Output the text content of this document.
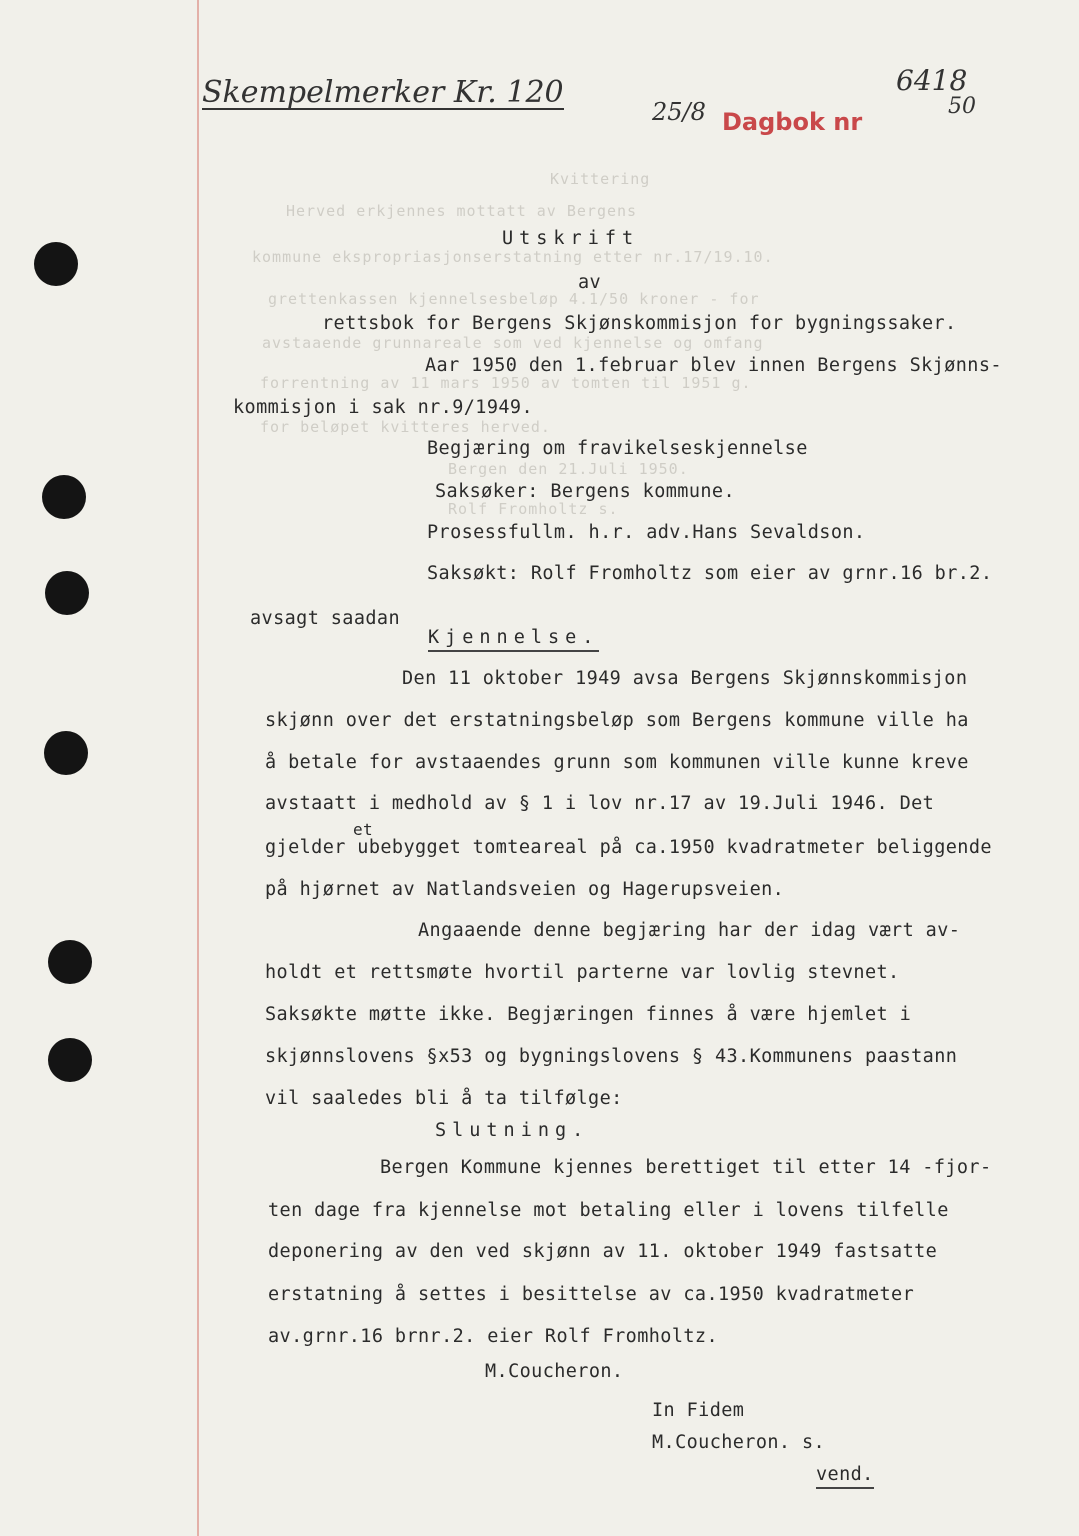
Skempelmerker Kr. 120
25/8 Dagbok nr
6418
50
Kvittering
Herved erkjennes mottatt av Bergens
kommune ekspropriasjonserstatning etter nr.17/19.10.
grettenkassen kjennelsesbeløp 4.1/50 kroner - for
avstaaende grunnareale som ved kjennelse og omfang
forrentning av 11 mars 1950 av tomten til 1951 g.
for beløpet kvitteres herved.
Bergen den 21.Juli 1950.
Rolf Fromholtz s.
Utskrift
av
rettsbok for Bergens Skjønskommisjon for bygningssaker.
Aar 1950 den 1.februar blev innen Bergens Skjønns-
kommisjon i sak nr.9/1949.
Begjæring om fravikelseskjennelse
Saksøker: Bergens kommune.
Prosessfullm. h.r. adv.Hans Sevaldson.
Saksøkt: Rolf Fromholtz som eier av grnr.16 br.2.
avsagt saadan
Kjennelse.
Den 11 oktober 1949 avsa Bergens Skjønnskommisjon
skjønn over det erstatningsbeløp som Bergens kommune ville ha
å betale for avstaaendes grunn som kommunen ville kunne kreve
avstaatt i medhold av § 1 i lov nr.17 av 19.Juli 1946. Det
et
gjelder ubebygget tomteareal på ca.1950 kvadratmeter beliggende
på hjørnet av Natlandsveien og Hagerupsveien.
Angaaende denne begjæring har der idag vært av-
holdt et rettsmøte hvortil parterne var lovlig stevnet.
Saksøkte møtte ikke. Begjæringen finnes å være hjemlet i
skjønnslovens §x53 og bygningslovens § 43.Kommunens paastann
vil saaledes bli å ta tilfølge:
Slutning.
Bergen Kommune kjennes berettiget til etter 14 -fjor-
ten dage fra kjennelse mot betaling eller i lovens tilfelle
deponering av den ved skjønn av 11. oktober 1949 fastsatte
erstatning å settes i besittelse av ca.1950 kvadratmeter
av.grnr.16 brnr.2. eier Rolf Fromholtz.
M.Coucheron.
In Fidem
M.Coucheron. s.
vend.
